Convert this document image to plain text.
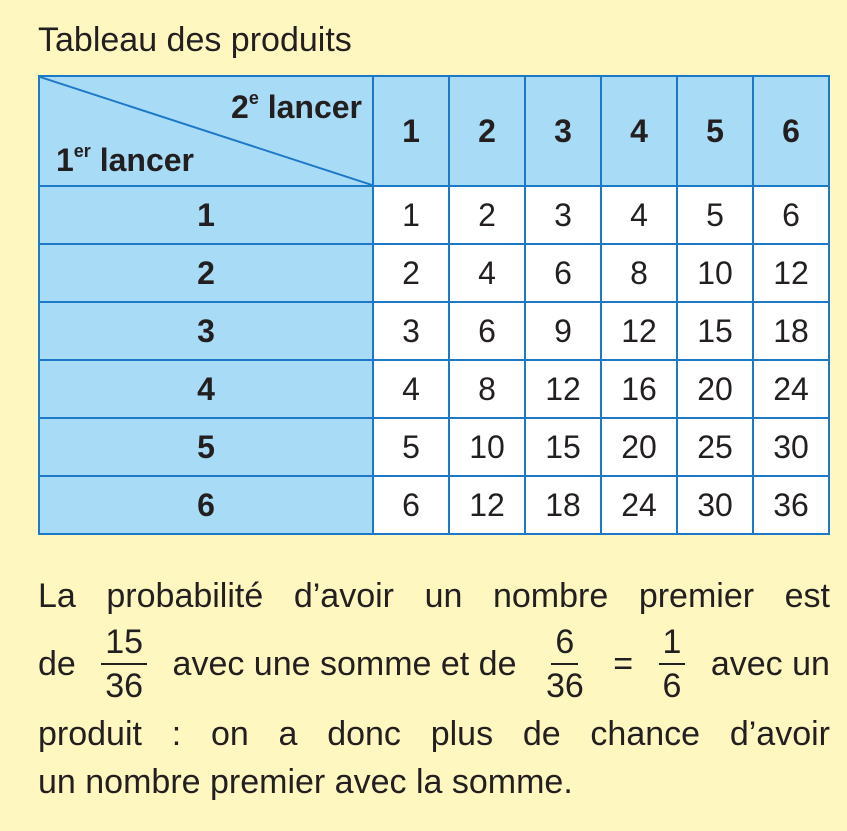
Tableau des produits
2e lancer
1er lancer	1	2	3	4	5	6
1	1	2	3	4	5	6
2	2	4	6	8	10	12
3	3	6	9	12	15	18
4	4	8	12	16	20	24
5	5	10	15	20	25	30
6	6	12	18	24	30	36
La probabilité d’avoir un nombre premier est
de $\frac{15}{36}$ avec une somme et de $\frac{6}{36} = \frac{1}{6}$ avec un
produit : on a donc plus de chance d’avoir
un nombre premier avec la somme.
